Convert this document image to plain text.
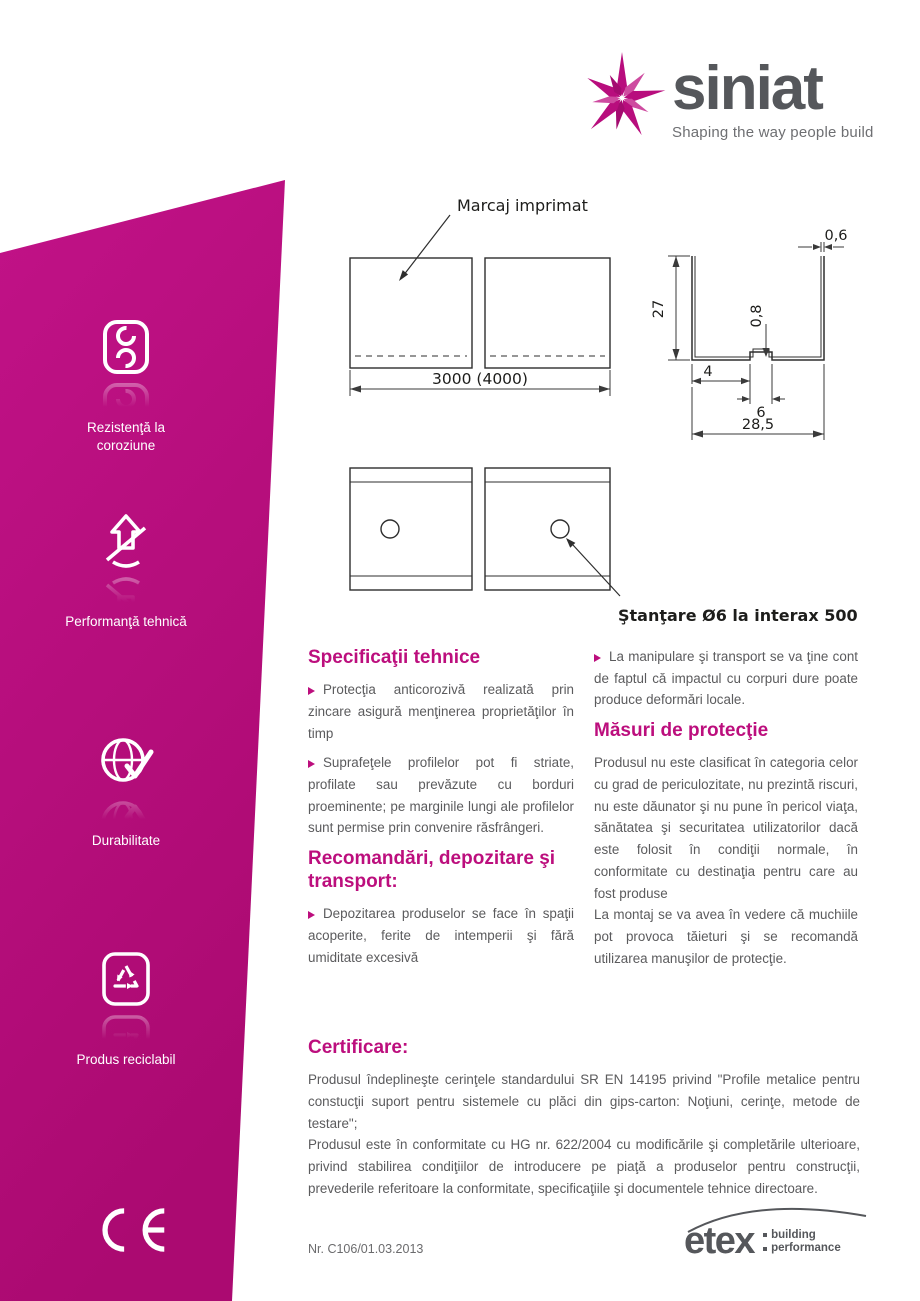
siniat
Shaping the way people build
Rezistenţă la coroziune
Performanţă tehnică
Durabilitate
Produs reciclabil
Marcaj imprimat
3000 (4000)
0,6
27	0,8
4
6
28,5
Ştanţare Ø6 la interax 500
Specificaţii tehnice

Protecţia anticorozivă realizată prin zincare asigură menţinerea proprietăţilor în timp

Suprafeţele profilelor pot fi striate, profilate sau prevăzute cu borduri proeminente; pe marginile lungi ale profilelor sunt permise prin convenire răsfrângeri.

Recomandări, depozitare şi transport:

Depozitarea produselor se face în spaţii acoperite, ferite de intemperii şi fără umiditate excesivă

La manipulare şi transport se va ţine cont de faptul că impactul cu corpuri dure poate produce deformări locale.

Măsuri de protecţie

Produsul nu este clasificat în categoria celor cu grad de periculozitate, nu prezintă riscuri, nu este dăunator şi nu pune în pericol viaţa, sănătatea şi securitatea utilizatorilor dacă este folosit în condiţii normale, în conformitate cu destinaţia pentru care au fost produse

La montaj se va avea în vedere că muchiile pot provoca tăieturi şi se recomandă utilizarea manuşilor de protecţie.

Certificare:

Produsul îndeplineşte cerinţele standardului SR EN 14195 privind "Profile metalice pentru constucţii suport pentru sistemele cu plăci din gips-carton: Noţiuni, cerinţe, metode de testare";

Produsul este în conformitate cu HG nr. 622/2004 cu modificările şi completările ulterioare, privind stabilirea condiţiilor de introducere pe piaţă a produselor pentru construcţii, prevederile referitoare la conformitate, specificaţiile şi documentele tehnice directoare.

Nr. C106/01.03.2013	etex building
performance
